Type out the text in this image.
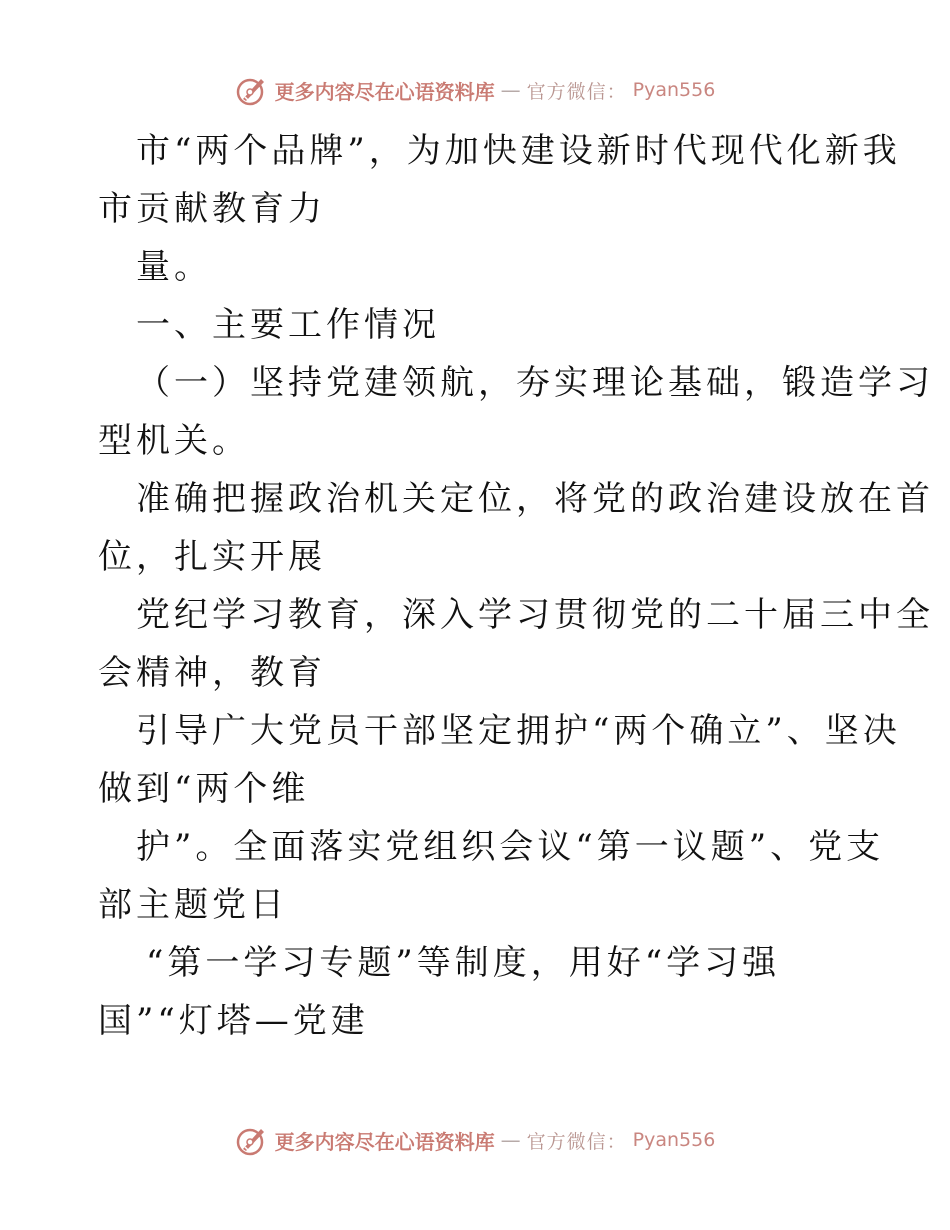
更多内容尽在心语资料库 — 官方微信： Pyan556
市“两个品牌”，为加快建设新时代现代化新我
市贡献教育力
量。
一、主要工作情况
（一）坚持党建领航，夯实理论基础，锻造学习
型机关。
准确把握政治机关定位，将党的政治建设放在首
位，扎实开展
党纪学习教育，深入学习贯彻党的二十届三中全
会精神，教育
引导广大党员干部坚定拥护“两个确立”、坚决
做到“两个维
护”。全面落实党组织会议“第一议题”、党支
部主题党日
“第一学习专题”等制度，用好“学习强
国”“灯塔—党建
更多内容尽在心语资料库 — 官方微信： Pyan556
